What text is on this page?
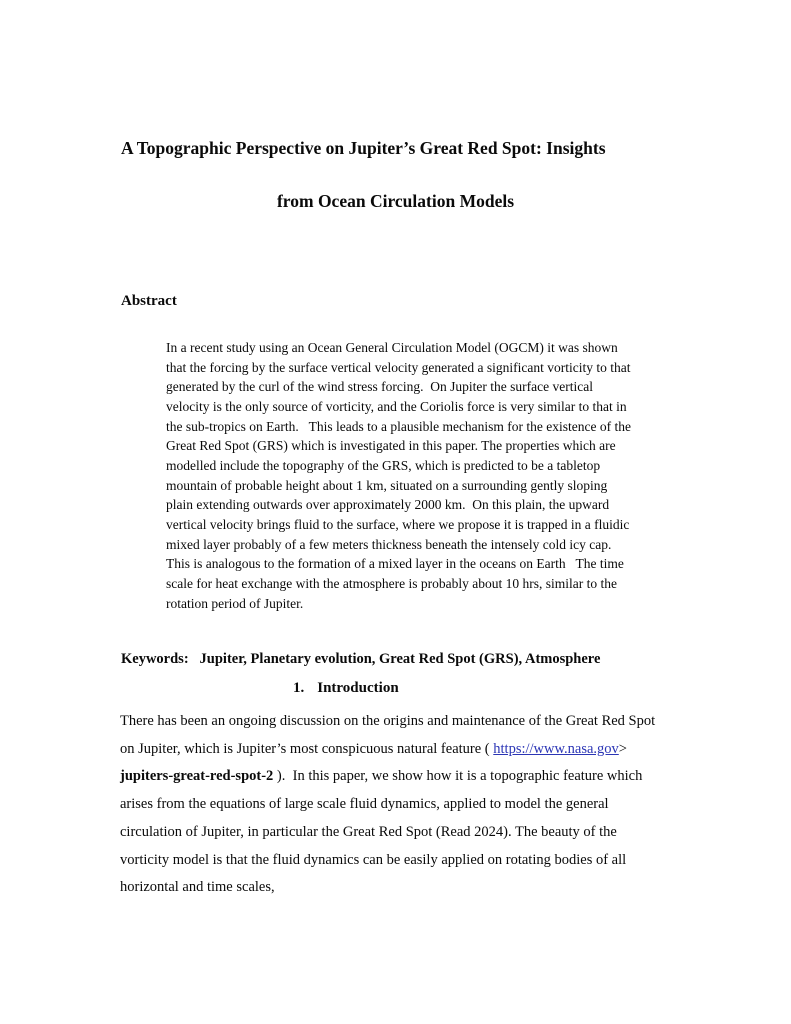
A Topographic Perspective on Jupiter’s Great Red Spot: Insights
from Ocean Circulation Models
Abstract
In a recent study using an Ocean General Circulation Model (OGCM) it was shown
that the forcing by the surface vertical velocity generated a significant vorticity to that
generated by the curl of the wind stress forcing.  On Jupiter the surface vertical
velocity is the only source of vorticity, and the Coriolis force is very similar to that in
the sub-tropics on Earth.   This leads to a plausible mechanism for the existence of the
Great Red Spot (GRS) which is investigated in this paper. The properties which are
modelled include the topography of the GRS, which is predicted to be a tabletop
mountain of probable height about 1 km, situated on a surrounding gently sloping
plain extending outwards over approximately 2000 km.  On this plain, the upward
vertical velocity brings fluid to the surface, where we propose it is trapped in a fluidic
mixed layer probably of a few meters thickness beneath the intensely cold icy cap.
This is analogous to the formation of a mixed layer in the oceans on Earth   The time
scale for heat exchange with the atmosphere is probably about 10 hrs, similar to the
rotation period of Jupiter.
Keywords:   Jupiter, Planetary evolution, Great Red Spot (GRS), Atmosphere
1. Introduction
There has been an ongoing discussion on the origins and maintenance of the Great Red Spot
on Jupiter, which is Jupiter’s most conspicuous natural feature ( https://www.nasa.gov>
jupiters-great-red-spot-2 ).  In this paper, we show how it is a topographic feature which
arises from the equations of large scale fluid dynamics, applied to model the general
circulation of Jupiter, in particular the Great Red Spot (Read 2024). The beauty of the
vorticity model is that the fluid dynamics can be easily applied on rotating bodies of all
horizontal and time scales,
